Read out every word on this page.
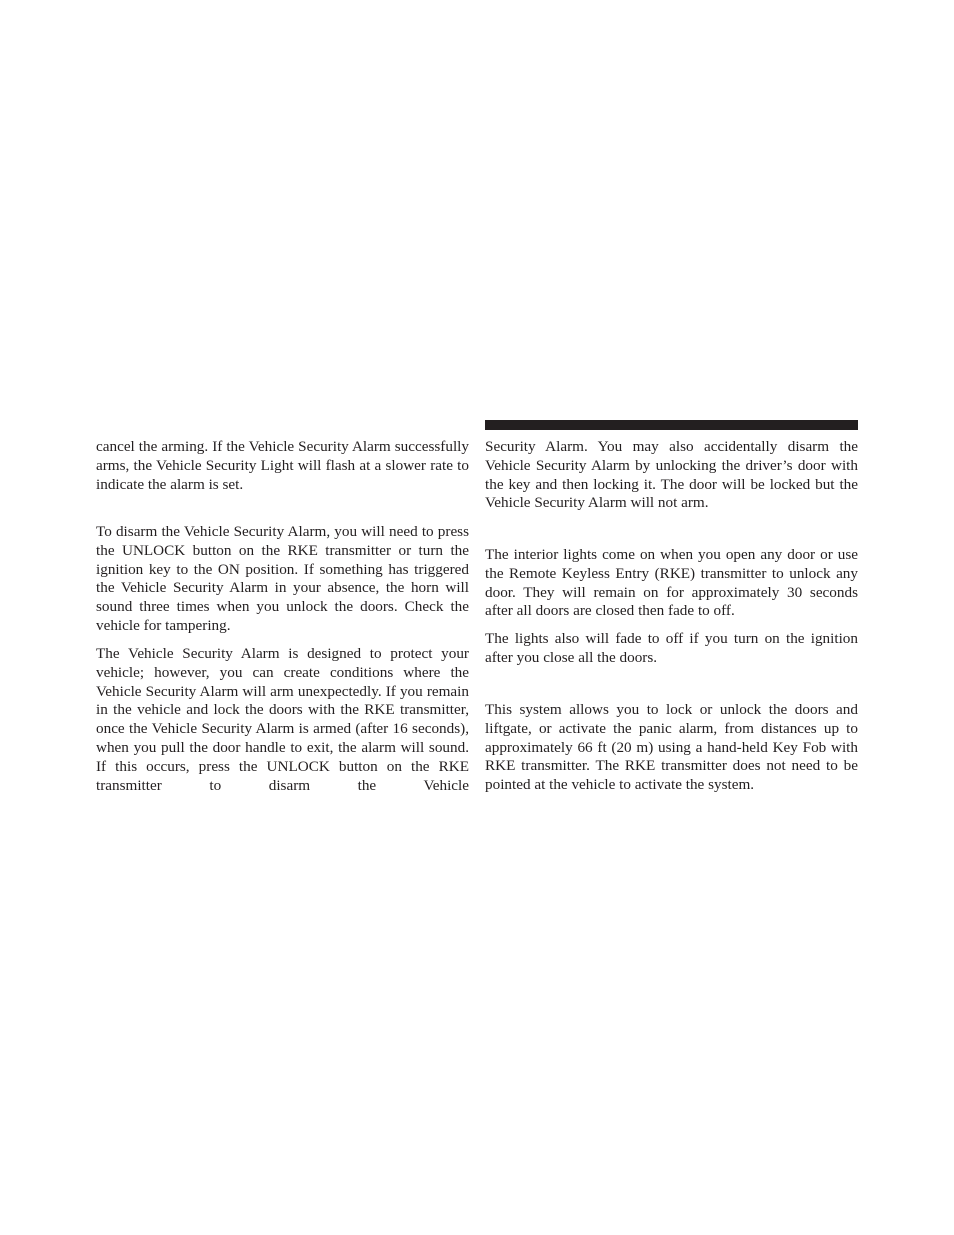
cancel the arming. If the Vehicle Security Alarm successfully arms, the Vehicle Security Light will flash at a slower rate to indicate the alarm is set.

To disarm the Vehicle Security Alarm, you will need to press the UNLOCK button on the RKE transmitter or turn the ignition key to the ON position. If something has triggered the Vehicle Security Alarm in your absence, the horn will sound three times when you unlock the doors. Check the vehicle for tampering.

The Vehicle Security Alarm is designed to protect your vehicle; however, you can create conditions where the Vehicle Security Alarm will arm unexpectedly. If you remain in the vehicle and lock the doors with the RKE transmitter, once the Vehicle Security Alarm is armed (after 16 seconds), when you pull the door handle to exit, the alarm will sound. If this occurs, press the UNLOCK button on the RKE transmitter to disarm the Vehicle

Security Alarm. You may also accidentally disarm the Vehicle Security Alarm by unlocking the driver’s door with the key and then locking it. The door will be locked but the Vehicle Security Alarm will not arm.

The interior lights come on when you open any door or use the Remote Keyless Entry (RKE) transmitter to unlock any door. They will remain on for approximately 30 seconds after all doors are closed then fade to off.

The lights also will fade to off if you turn on the ignition after you close all the doors.

This system allows you to lock or unlock the doors and liftgate, or activate the panic alarm, from distances up to approximately 66 ft (20 m) using a hand-held Key Fob with RKE transmitter. The RKE transmitter does not need to be pointed at the vehicle to activate the system.
